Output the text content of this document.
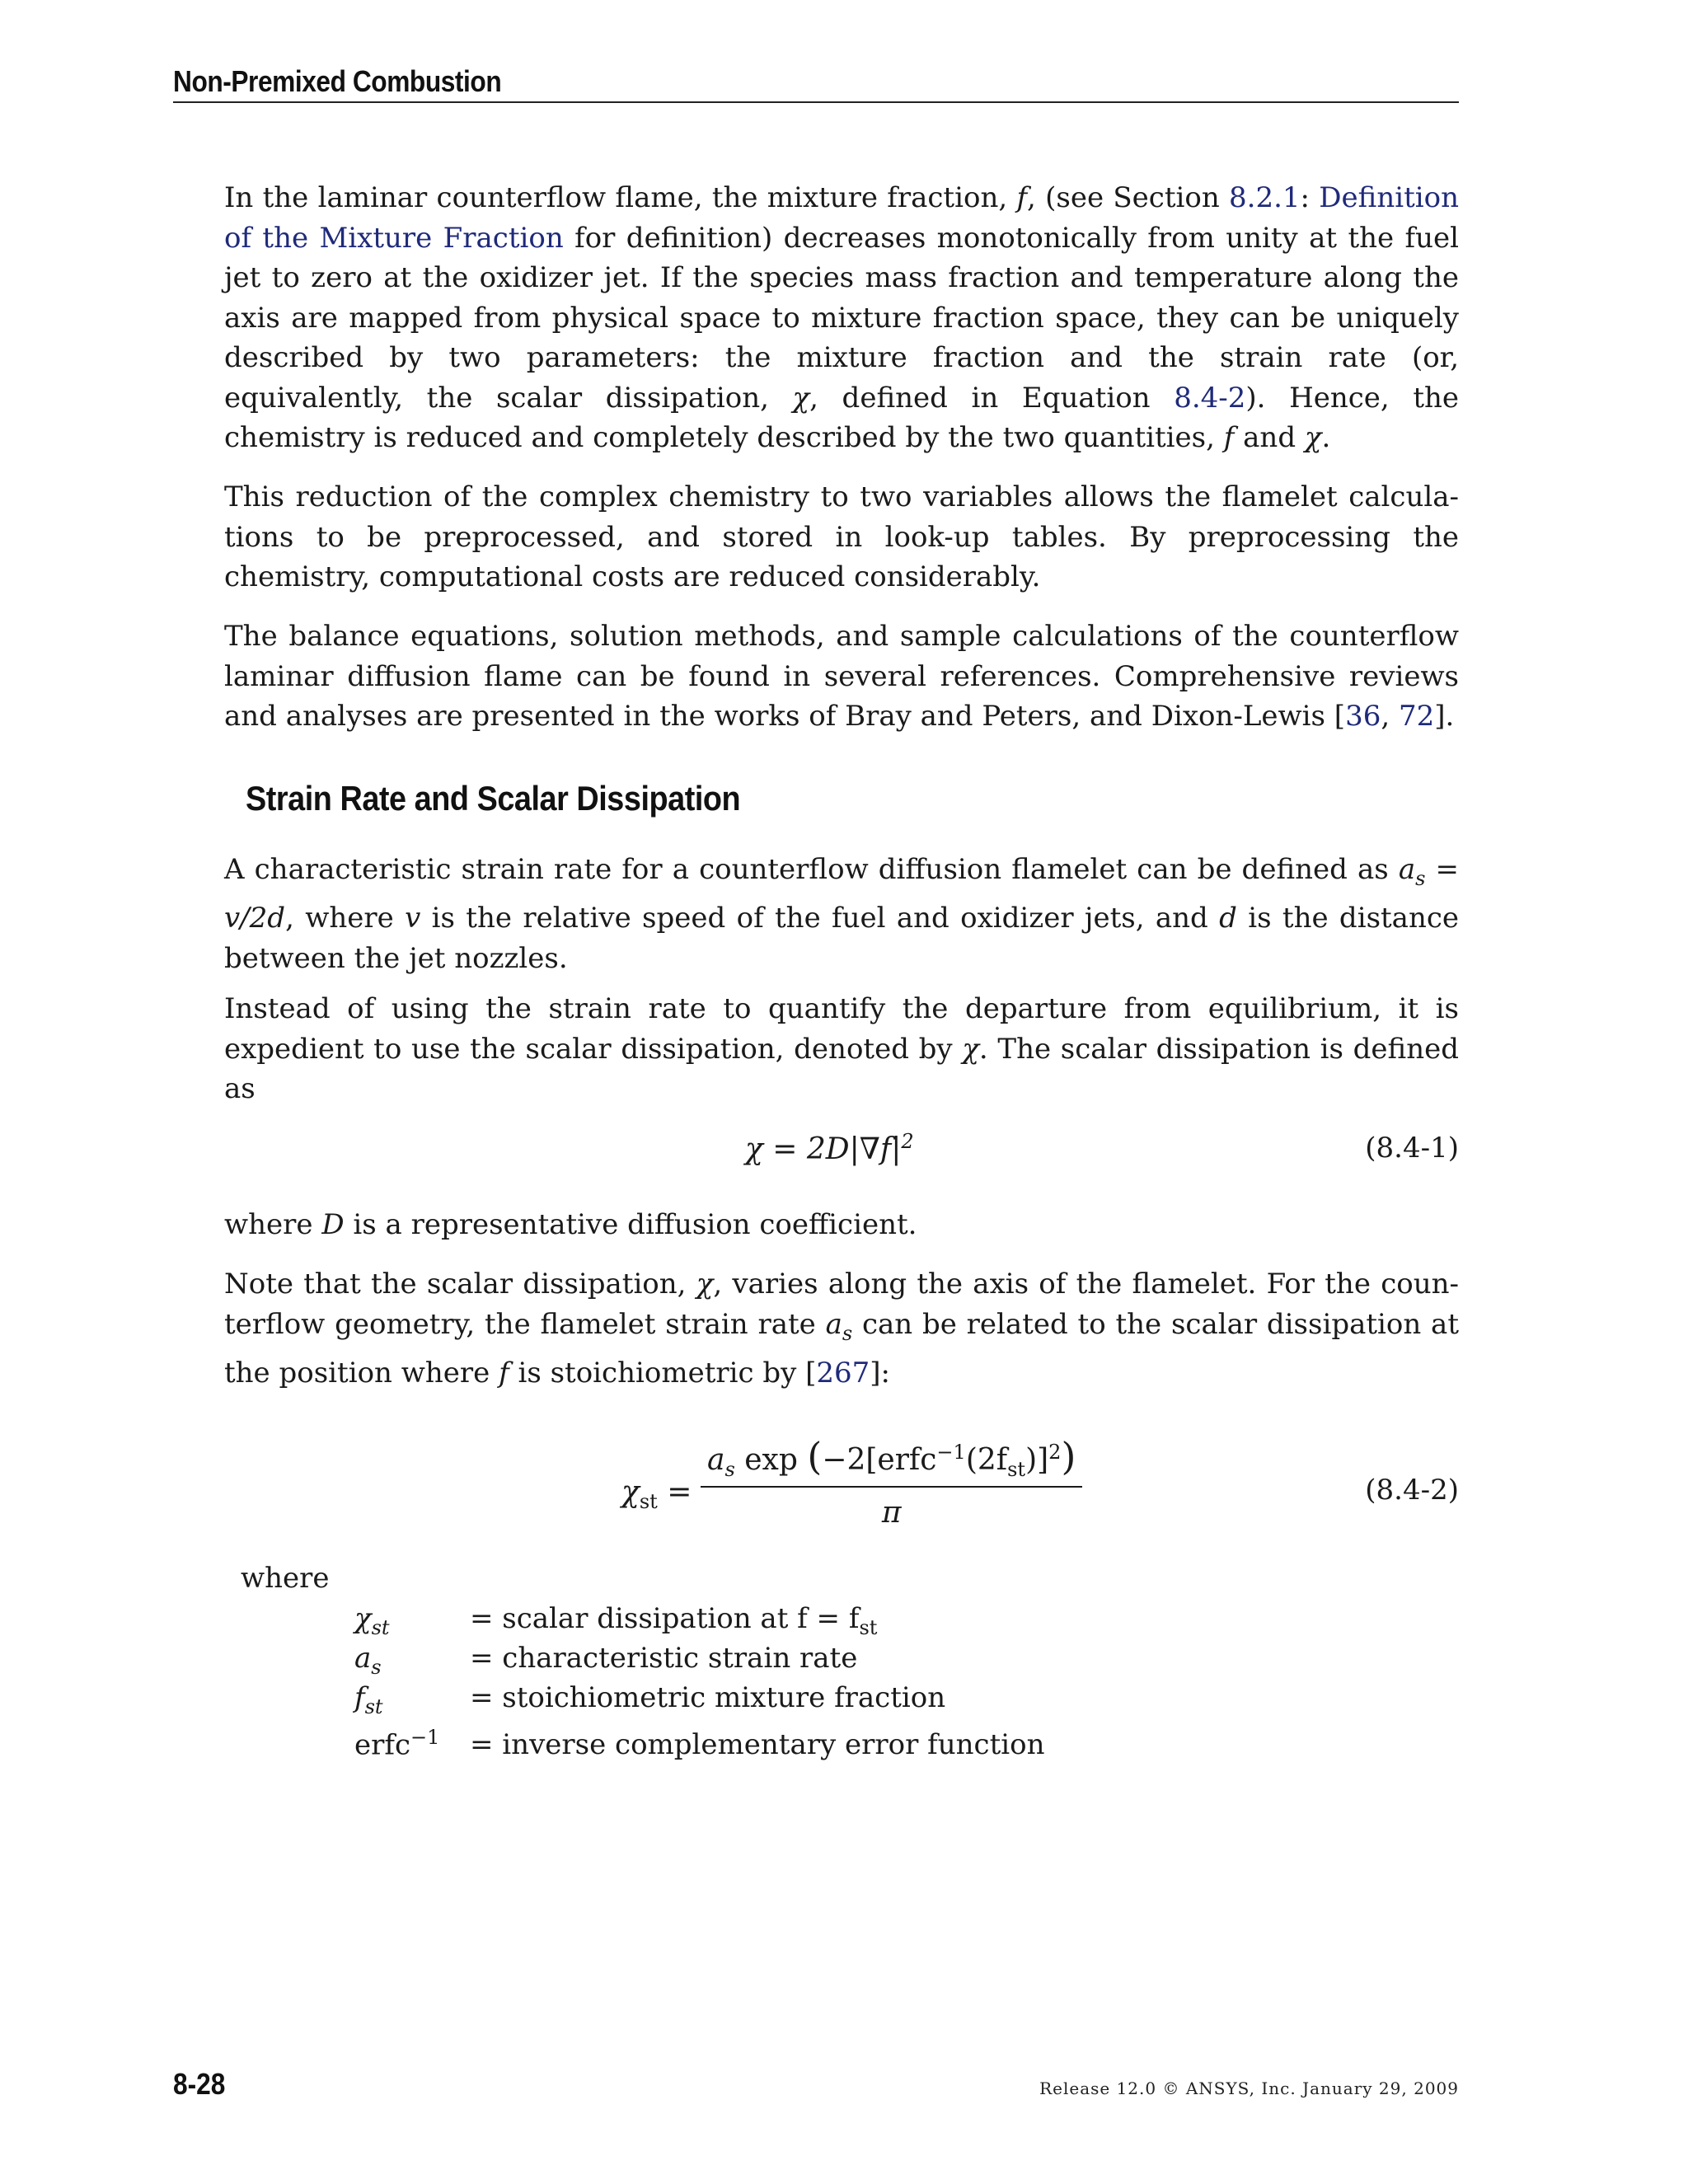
Non-Premixed Combustion

In the laminar counterflow flame, the mixture fraction, f, (see Section 8.2.1: Definition of the Mixture Fraction for definition) decreases monotonically from unity at the fuel jet to zero at the oxidizer jet. If the species mass fraction and temperature along the axis are mapped from physical space to mixture fraction space, they can be uniquely described by two parameters: the mixture fraction and the strain rate (or, equivalently, the scalar dissipation, χ, defined in Equation 8.4-2). Hence, the chemistry is reduced and completely described by the two quantities, f and χ.

This reduction of the complex chemistry to two variables allows the flamelet calcula-tions to be preprocessed, and stored in look-up tables. By preprocessing the chemistry, computational costs are reduced considerably.

The balance equations, solution methods, and sample calculations of the counterflow laminar diffusion flame can be found in several references. Comprehensive reviews and analyses are presented in the works of Bray and Peters, and Dixon-Lewis [36, 72].

Strain Rate and Scalar Dissipation

A characteristic strain rate for a counterflow diffusion flamelet can be defined as $a_s = v/2d$, where v is the relative speed of the fuel and oxidizer jets, and d is the distance between the jet nozzles.

Instead of using the strain rate to quantify the departure from equilibrium, it is expedient to use the scalar dissipation, denoted by χ. The scalar dissipation is defined as

$\chi = 2D|\nabla f|^2$	(8.4-1)

where D is a representative diffusion coefficient.

Note that the scalar dissipation, χ, varies along the axis of the flamelet. For the coun-terflow geometry, the flamelet strain rate $a_s$ can be related to the scalar dissipation at the position where f is stoichiometric by [267]:

$\chi_{st}$ =
$a_s$ $\exp (-2[erfc^{-1}(2f_{st})]^2)$
π
(8.4-2)
where
$\chi_{st}$	= scalar dissipation at $f = f_{st}$
$a_s$	= characteristic strain rate
$f_{st}$	= stoichiometric mixture fraction
erfc$^{-1}$ = inverse complementary error function
8-28	Release 12.0 © ANSYS, Inc. January 29, 2009
